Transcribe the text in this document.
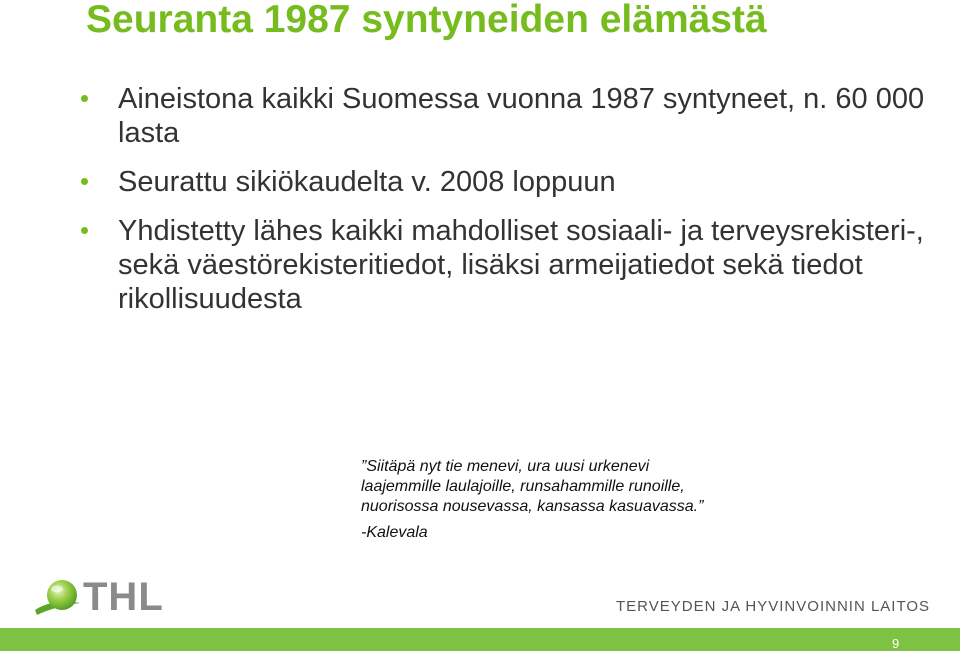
Seuranta 1987 syntyneiden elämästä
Aineistona kaikki Suomessa vuonna 1987 syntyneet, n. 60 000 lasta
Seurattu sikiökaudelta v. 2008 loppuun
Yhdistetty lähes kaikki mahdolliset sosiaali- ja terveysrekisteri-, sekä väestörekisteritiedot, lisäksi armeijatiedot sekä tiedot rikollisuudesta
”Siitäpä nyt tie menevi, ura uusi urkenevi
laajemmille laulajoille, runsahammille runoille,
nuorisossa nousevassa, kansassa kasuavassa.”
-Kalevala
THL	TERVEYDEN JA HYVINVOINNIN LAITOS
9
